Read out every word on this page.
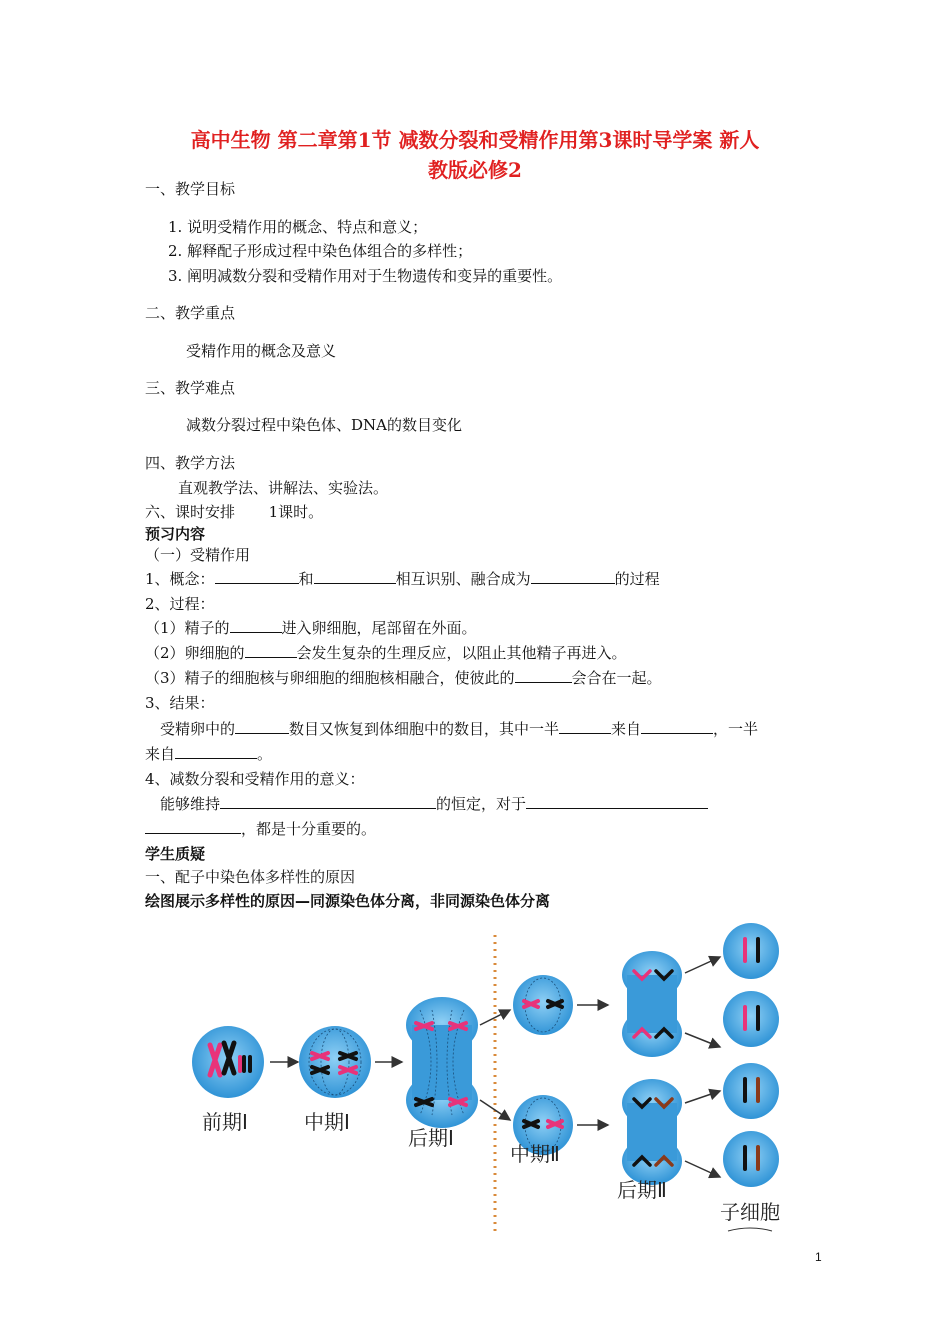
高中生物 第二章第1节 减数分裂和受精作用第3课时导学案 新人
教版必修2
一、教学目标
1. 说明受精作用的概念、特点和意义；
2. 解释配子形成过程中染色体组合的多样性；
3. 阐明减数分裂和受精作用对于生物遗传和变异的重要性。
二、教学重点
受精作用的概念及意义
三、教学难点
减数分裂过程中染色体、DNA的数目变化
四、教学方法
直观教学法、讲解法、实验法。
六、课时安排 1课时。
预习内容
（一）受精作用
1、概念：	和	相互识别、融合成为	的过程
2、过程：
（1）精子的	进入卵细胞，尾部留在外面。
（2）卵细胞的	会发生复杂的生理反应，以阻止其他精子再进入。
（3）精子的细胞核与卵细胞的细胞核相融合，使彼此的	会合在一起。
3、结果：
受精卵中的	数目又恢复到体细胞中的数目，其中一半	来自	，一半
来自	。
4、减数分裂和受精作用的意义：
能够维持	的恒定，对于
，都是十分重要的。
学生质疑
一、配子中染色体多样性的原因
绘图展示多样性的原因—同源染色体分离，非同源染色体分离
前期Ⅰ	中期Ⅰ
后期Ⅰ
中期Ⅱ
后期Ⅱ
子细胞
1
